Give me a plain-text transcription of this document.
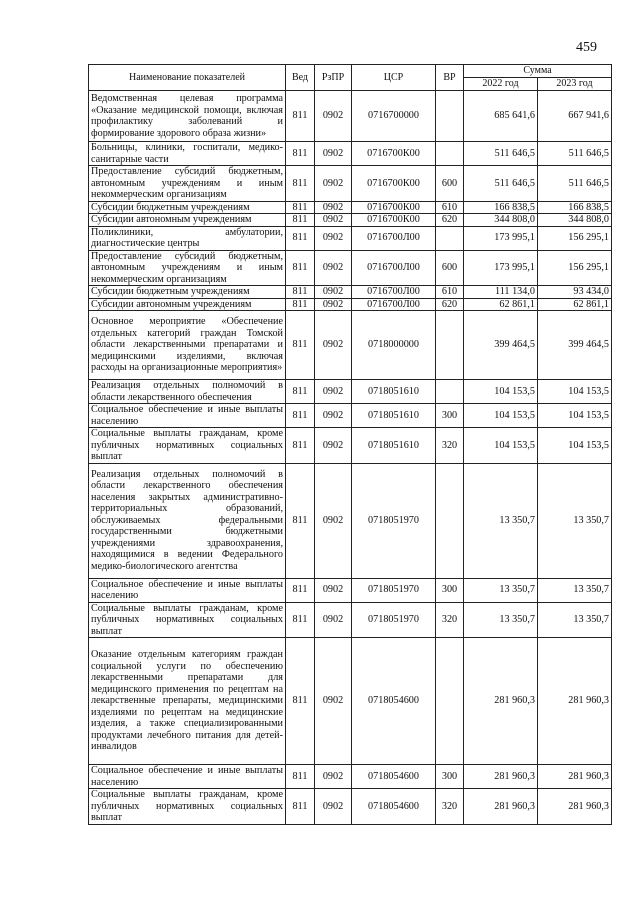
459
Наименование показателей	Вед	РзПР	ЦСР	ВР	Сумма	
					2022 год	2023 год
Ведомственная целевая программа «Оказание медицинской помощи, включая профилактику заболеваний и формирование здорового образа жизни»	811	0902	0716700000		685 641,6	667 941,6
Больницы, клиники, госпитали, медико-санитарные части	811	0902	0716700К00		511 646,5	511 646,5
Предоставление субсидий бюджетным, автономным учреждениям и иным некоммерческим организациям	811	0902	0716700К00	600	511 646,5	511 646,5
Субсидии бюджетным учреждениям	811	0902	0716700К00	610	166 838,5	166 838,5
Субсидии автономным учреждениям	811	0902	0716700К00	620	344 808,0	344 808,0
Поликлиники, амбулатории, диагностические центры	811	0902	0716700Л00		173 995,1	156 295,1
Предоставление субсидий бюджетным, автономным учреждениям и иным некоммерческим организациям	811	0902	0716700Л00	600	173 995,1	156 295,1
Субсидии бюджетным учреждениям	811	0902	0716700Л00	610	111 134,0	93 434,0
Субсидии автономным учреждениям	811	0902	0716700Л00	620	62 861,1	62 861,1
Основное мероприятие «Обеспечение отдельных категорий граждан Томской области лекарственными препаратами и медицинскими изделиями, включая расходы на организационные мероприятия»	811	0902	0718000000		399 464,5	399 464,5
Реализация отдельных полномочий в области лекарственного обеспечения	811	0902	0718051610		104 153,5	104 153,5
Социальное обеспечение и иные выплаты населению	811	0902	0718051610	300	104 153,5	104 153,5
Социальные выплаты гражданам, кроме публичных нормативных социальных выплат	811	0902	0718051610	320	104 153,5	104 153,5
Реализация отдельных полномочий в области лекарственного обеспечения населения закрытых административно-территориальных образований, обслуживаемых федеральными государственными бюджетными учреждениями здравоохранения, находящимися в ведении Федерального медико-биологического агентства	811	0902	0718051970		13 350,7	13 350,7
Социальное обеспечение и иные выплаты населению	811	0902	0718051970	300	13 350,7	13 350,7
Социальные выплаты гражданам, кроме публичных нормативных социальных выплат	811	0902	0718051970	320	13 350,7	13 350,7
Оказание отдельным категориям граждан социальной услуги по обеспечению лекарственными препаратами для медицинского применения по рецептам на лекарственные препараты, медицинскими изделиями по рецептам на медицинские изделия, а также специализированными продуктами лечебного питания для детей-инвалидов	811	0902	0718054600		281 960,3	281 960,3
Социальное обеспечение и иные выплаты населению	811	0902	0718054600	300	281 960,3	281 960,3
Социальные выплаты гражданам, кроме публичных нормативных социальных выплат	811	0902	0718054600	320	281 960,3	281 960,3
